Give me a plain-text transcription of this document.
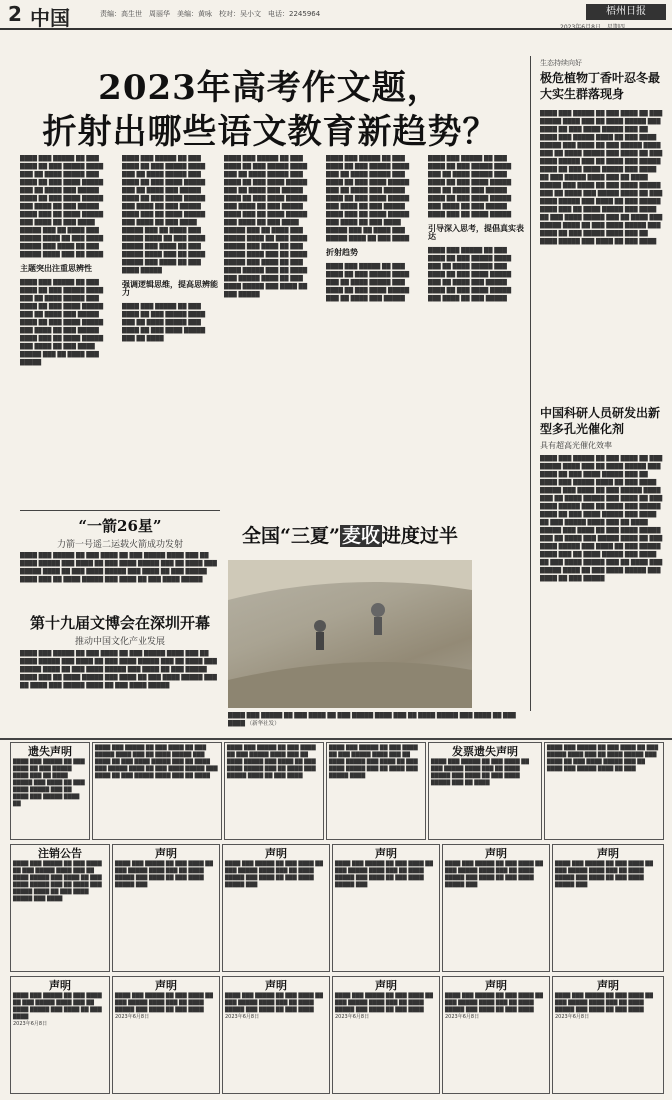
2 中国	责编：高生世　周丽华　美编：黄咏　校对：吴小文　电话：2245964	梧州日报
2023年6月8日　星期四
2023年高考作文题，
折射出哪些语文教育新趋势？
████ ███ █████ ██ ███ ████ ██ ███ █████ ████ ███ ██ ████ █████ ███ ████ ██ ███ ████ █████ ███ ██ ████ ███ █████ ████ ██ ███ ████ █████ ███ ████ ██ ███ █████ ████ ███ ██ ████ █████ ███ ████ ██ ███ ████ █████ ███ ██ ████ ███ █████ ████ ██ ███ ████ █████ ███ ████ ██ ███ █████ ████ ███ ██ ████
主题突出注重思辨性
████ ███ █████ ██ ███ ████ ██ ███ █████ ████ ███ ██ ████ █████ ███ ████ ██ ███ ████ █████ ███ ██ ████ ███ █████ ████ ██ ███ ████ █████ ███ ████ ██ ███ █████ ████ ███ ██ ████ █████ ███ ████ ██ ███ ████ █████ ███ ██ ████ ███ █████
████ ███ █████ ██ ███ ████ ██ ███ █████ ████ ███ ██ ████ █████ ███ ████ ██ ███ ████ █████ ███ ██ ████ ███ █████ ████ ██ ███ ████ █████ ███ ████ ██ ███ █████ ████ ███ ██ ████ █████ ███ ████ ██ ███ ████ █████ ███ ██ ████ ███ █████ ████ ██ ███ ████ █████ ███ ████ ██ ███ █████ ████ ███ ██ ████ █████ ███ ████ ██ ███ ████ █████
强调逻辑思维，提高思辨能力
████ ███ █████ ██ ███ ████ ██ ███ █████ ████ ███ ██ ████ █████ ███ ████ ██ ███ ████ █████ ███ ██ ████
████ ███ █████ ██ ███ ████ ██ ███ █████ ████ ███ ██ ████ █████ ███ ████ ██ ███ ████ █████ ███ ██ ████ ███ █████ ████ ██ ███ ████ █████ ███ ████ ██ ███ █████ ████ ███ ██ ████ █████ ███ ████ ██ ███ ████ █████ ███ ██ ████ ███ █████ ████ ██ ███ ████ █████ ███ ████ ██ ███ █████ ████ ███ ██ ████ █████ ███ ████ ██ ███ ████ █████ ███ ██ ████ ███ █████ ████ ██ ███ ████ █████ ███ ████ ██ ███ █████
████ ███ █████ ██ ███ ████ ██ ███ █████ ████ ███ ██ ████ █████ ███ ████ ██ ███ ████ █████ ███ ██ ████ ███ █████ ████ ██ ███ ████ █████ ███ ████ ██ ███ █████ ████ ███ ██ ████ █████ ███ ████ ██ ███ ████ █████ ███ ██ ████ ███ █████ ████ ██ ███ ████
折射趋势
████ ███ █████ ██ ███ ████ ██ ███ █████ ████ ███ ██ ████ █████ ███ ████ ██ ███ ████ █████ ███ ██ ████ ███ █████
████ ███ █████ ██ ███ ████ ██ ███ █████ ████ ███ ██ ████ █████ ███ ████ ██ ███ ████ █████ ███ ██ ████ ███ █████ ████ ██ ███ ████ █████ ███ ████ ██ ███ █████ ████ ███ ██ ████ █████
引导深入思考，提倡真实表达
████ ███ █████ ██ ███ ████ ██ ███ █████ ████ ███ ██ ████ █████ ███ ████ ██ ███ ████ █████ ███ ██ ████ ███ █████ ████ ██ ███ ████ █████ ███ ████ ██ ███ █████
生态持续向好
极危植物丁香叶忍冬最大实生群落现身
████ ███ █████ ██ ███ ████ ██ ███ █████ ████ ███ ██ ████ █████ ███ ████ ██ ███ ████ █████ ███ ██ ████ ███ █████ ████ ██ ███ ████ █████ ███ ████ ██ ███ █████ ████ ███ ██ ████ █████ ███ ████ ██ ███ ████ █████ ███ ██ ████ ███ █████ ████ ██ ███ ████ █████ ███ ████ ██ ███ █████ ████ ███ ██ ████ █████ ███ ████ ██ ███ ████ █████ ███ ██ ████ ███ █████ ████ ██ ███ ████ █████ ███ ████ ██ ███ █████ ████ ███ ██ ████ █████ ███ ████ ██ ███ ████ █████ ███ ██ ████ ███ █████ ████ ██ ███ ████ █████ ███ ████ ██ ███ █████ ████ ███ ██ ████ █████ ███ ████ ██ ███ ████
中国科研人员研发出新型多孔光催化剂
具有超高光催化效率
████ ███ █████ ██ ███ ████ ██ ███ █████ ████ ███ ██ ████ █████ ███ ████ ██ ███ ████ █████ ███ ██ ████ ███ █████ ████ ██ ███ ████ █████ ███ ████ ██ ███ █████ ████ ███ ██ ████ █████ ███ ████ ██ ███ ████ █████ ███ ██ ████ ███ █████ ████ ██ ███ ████ █████ ███ ████ ██ ███ █████ ████ ███ ██ ████ █████ ███ ████ ██ ███ ████ █████ ███ ██ ████ ███ █████ ████ ██ ███ ████ █████ ███ ████ ██ ███ █████ ████ ███ ██ ████ █████ ███ ████ ██ ███ ████ █████ ███ ██ ████ ███ █████ ████ ██ ███ ████ █████ ███ ████ ██ ███ █████
“一箭26星”
力箭一号遥二运载火箭成功发射
████ ███ █████ ██ ███ ████ ██ ███ █████ ████ ███ ██ ████ █████ ███ ████ ██ ███ ████ █████ ███ ██ ████ ███ █████ ████ ██ ███ ████ █████ ███ ████ ██ ███ █████ ████ ███ ██ ████ █████ ███ ████ ██ ███ ████ █████
第十九届文博会在深圳开幕
推动中国文化产业发展
████ ███ █████ ██ ███ ████ ██ ███ █████ ████ ███ ██ ████ █████ ███ ████ ██ ███ ████ █████ ███ ██ ████ ███ █████ ████ ██ ███ ████ █████ ███ ████ ██ ███ █████ ████ ███ ██ ████ █████ ███ ████ ██ ███ ████ █████ ███ ██ ████ ███ █████ ████ ██ ███ ████ █████
全国“三夏” 麦收 进度过半
████ ███ █████ ██ ███ ████ ██ ███ █████ ████ ███ ██ ████ █████ ███ ████ ██ ███ ████ （新华社发）
遗失声明
████ ███ █████ ██ ███ ████ ██ ███ █████ ████ ███ ██ ████ █████ ███ ████ ██ ███ ████ █████ ███ ██ ████ ███ █████ ████ ██
████ ███ █████ ██ ███ ████ ██ ███ █████ ████ ███ ██ ████ █████ ███ ████ ██ ███ ████ █████ ███ ██ ████ ███ █████ ████ ██ ███ ████ █████ ███ ████ ██ ███ █████ ████ ███ ██ ████
████ ███ █████ ██ ███ ████ ██ ███ █████ ████ ███ ██ ████ █████ ███ ████ ██ ███ ████ █████ ███ ██ ████ ███ █████ ████ ██ ███ ████
████ ███ █████ ██ ███ ████ ██ ███ █████ ████ ███ ██ ████ █████ ███ ████ ██ ███ ████ █████ ███ ██ ████ ███ █████ ████
发票遗失声明
████ ███ █████ ██ ███ ████ ██ ███ █████ ████ ███ ██ ████ █████ ███ ████ ██ ███ ████ █████ ███ ██ ████
████ ███ █████ ██ ███ ████ ██ ███ █████ ████ ███ ██ ████ █████ ███ ████ ██ ███ ████ █████ ███ ██ ████ ███ █████ ████ ██ ███
注销公告
████ ███ █████ ██ ███ ████ ██ ███ █████ ████ ███ ██ ████ █████ ███ ████ ██ ███ ████ █████ ███ ██ ████ ███ █████ ████ ██ ███ ████ █████ ███ ████
声明
████ ███ █████ ██ ███ ████ ██ ███ █████ ████ ███ ██ ████ █████ ███ ████ ██ ███ ████ █████ ███
声明
████ ███ █████ ██ ███ ████ ██ ███ █████ ████ ███ ██ ████ █████ ███ ████ ██ ███ ████ █████ ███
声明
████ ███ █████ ██ ███ ████ ██ ███ █████ ████ ███ ██ ████ █████ ███ ████ ██ ███ ████ █████ ███
声明
████ ███ █████ ██ ███ ████ ██ ███ █████ ████ ███ ██ ████ █████ ███ ████ ██ ███ ████ █████ ███
声明
████ ███ █████ ██ ███ ████ ██ ███ █████ ████ ███ ██ ████ █████ ███ ████ ██ ███ ████ █████ ███
声明
████ ███ █████ ██ ███ ████ ██ ███ █████ ████ ███ ██ ████ █████ ███ ████ ██ ███ ████
2023年6月8日
声明
████ ███ █████ ██ ███ ████ ██ ███ █████ ████ ███ ██ ████ █████ ███ ████ ██ ███ ████
2023年6月8日
声明
████ ███ █████ ██ ███ ████ ██ ███ █████ ████ ███ ██ ████ █████ ███ ████ ██ ███ ████
2023年6月8日
声明
████ ███ █████ ██ ███ ████ ██ ███ █████ ████ ███ ██ ████ █████ ███ ████ ██ ███ ████
2023年6月8日
声明
████ ███ █████ ██ ███ ████ ██ ███ █████ ████ ███ ██ ████ █████ ███ ████ ██ ███ ████
2023年6月8日
声明
████ ███ █████ ██ ███ ████ ██ ███ █████ ████ ███ ██ ████ █████ ███ ████ ██ ███ ████
2023年6月8日
